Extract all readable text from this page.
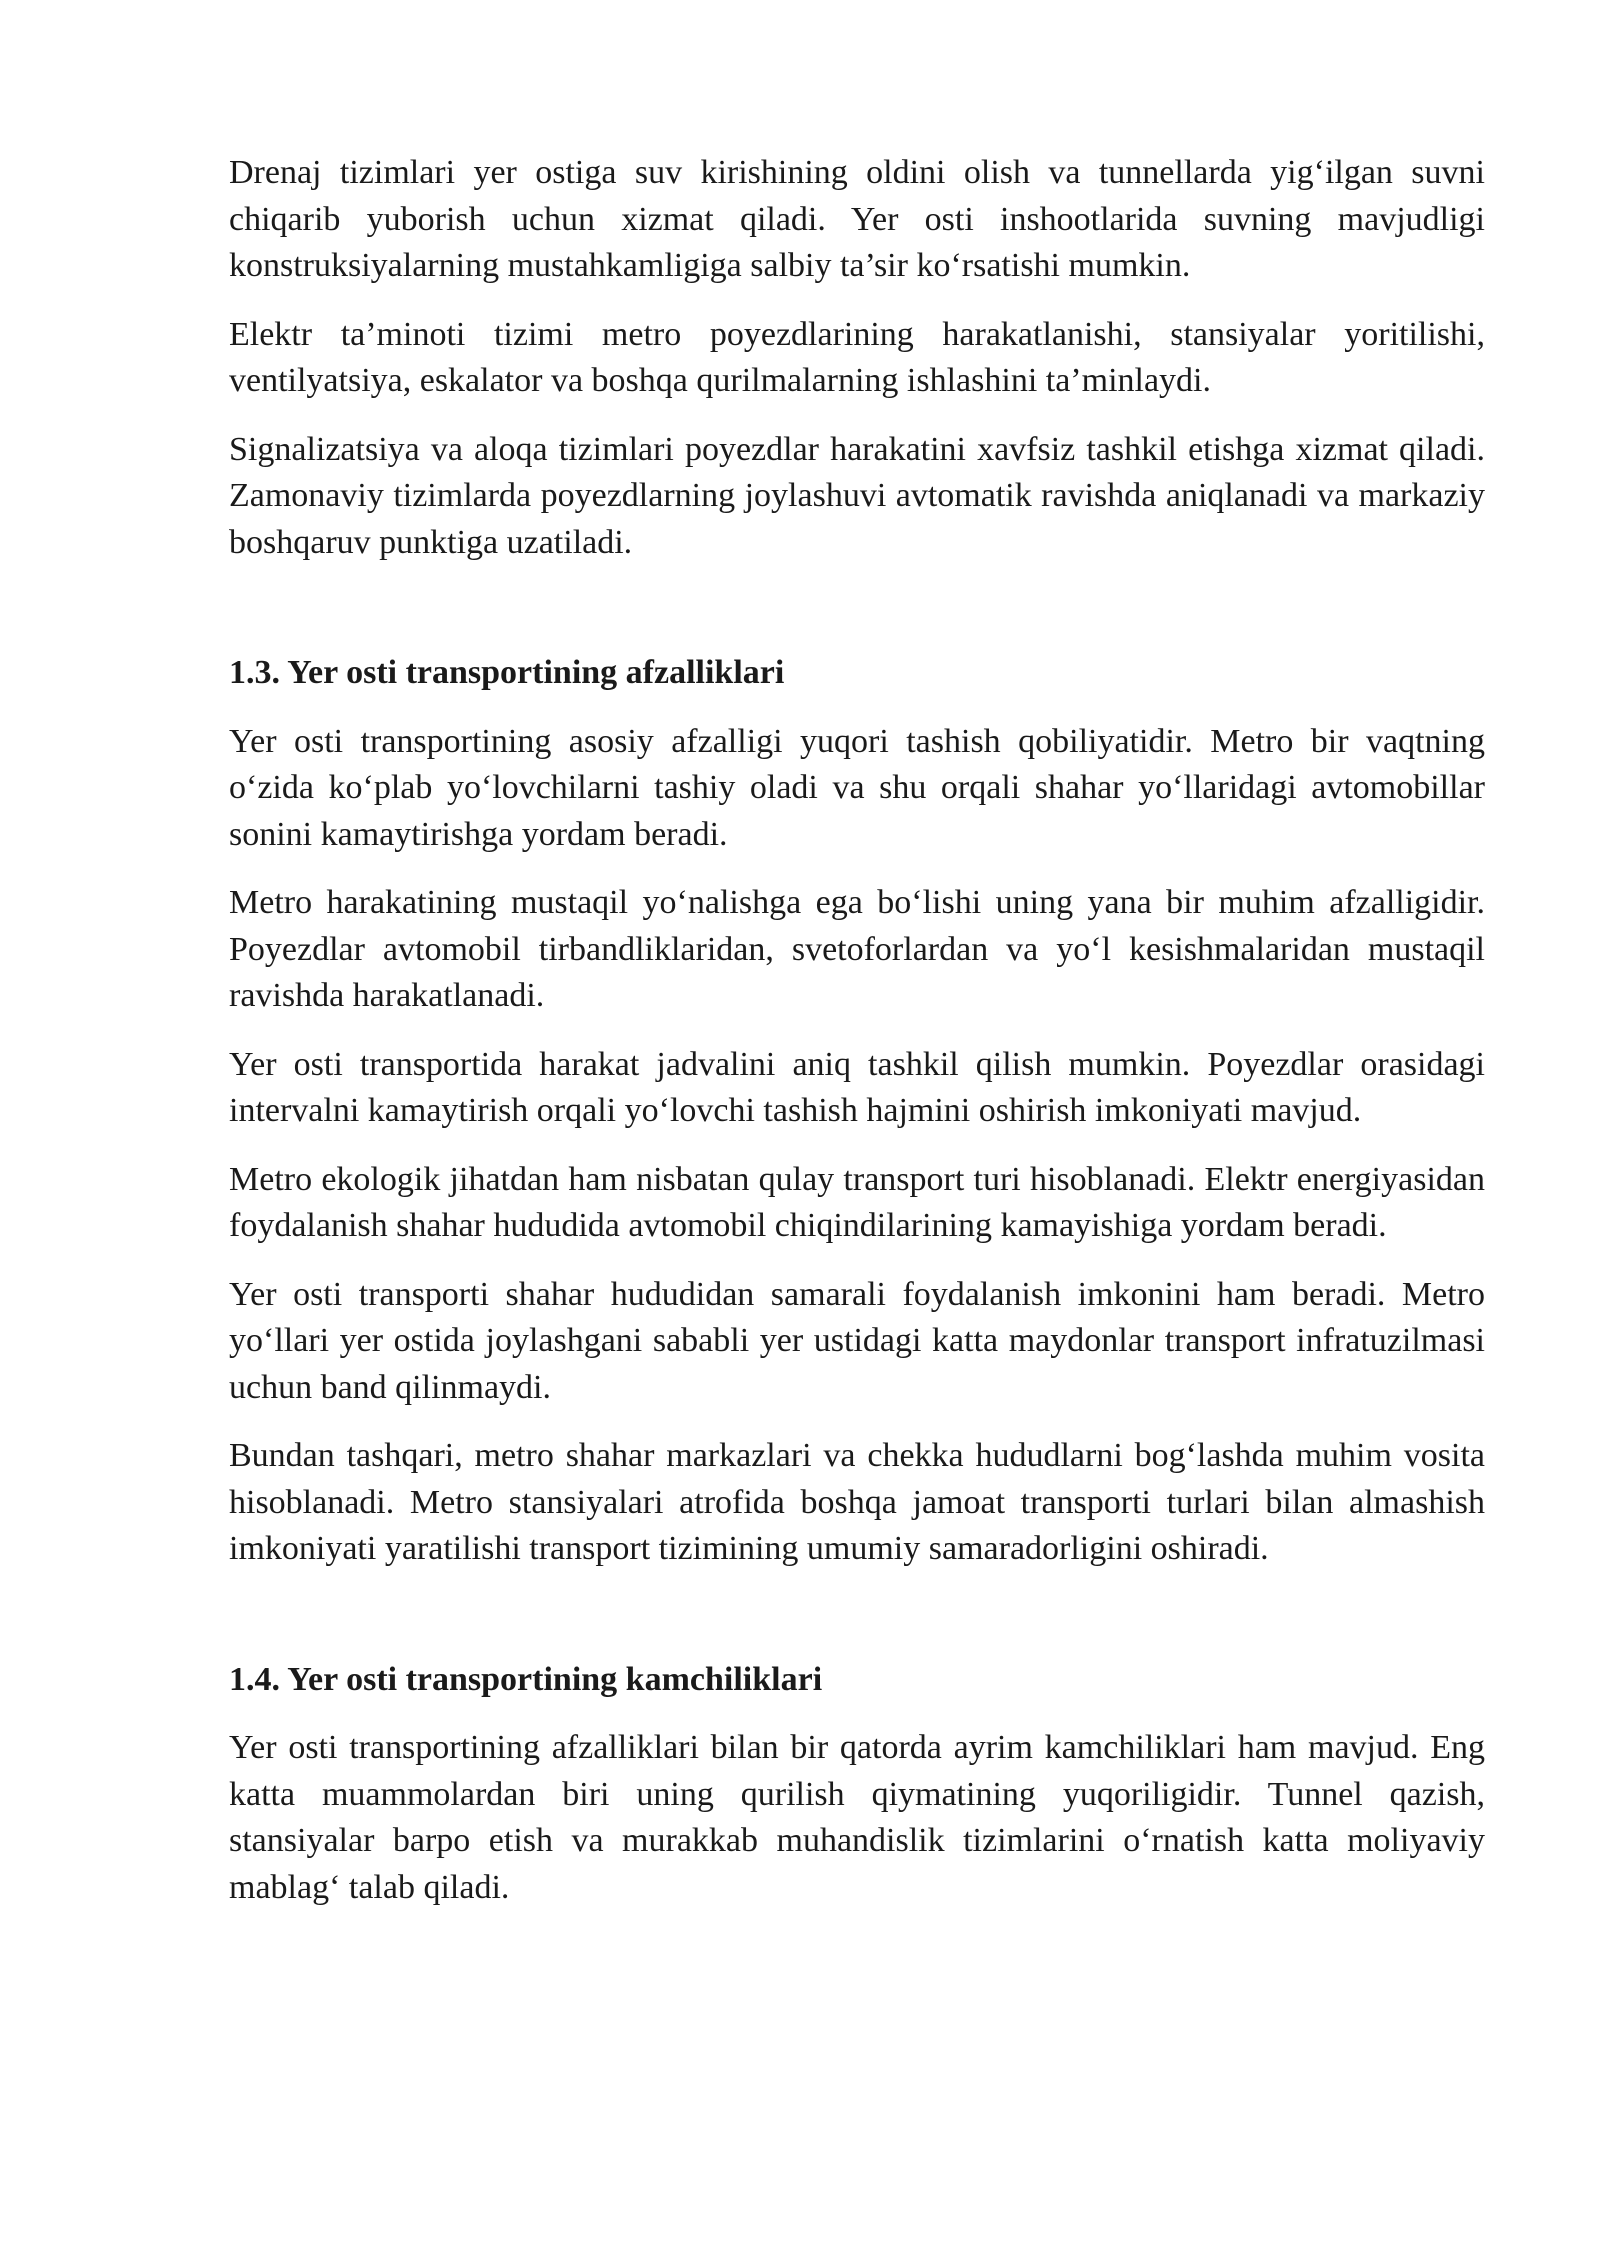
Drenaj tizimlari yer ostiga suv kirishining oldini olish va tunnellarda yig‘ilgan suvni chiqarib yuborish uchun xizmat qiladi. Yer osti inshootlarida suvning mavjudligi konstruksiyalarning mustahkamligiga salbiy ta’sir ko‘rsatishi mumkin.

Elektr ta’minoti tizimi metro poyezdlarining harakatlanishi, stansiyalar yoritilishi, ventilyatsiya, eskalator va boshqa qurilmalarning ishlashini ta’minlaydi.

Signalizatsiya va aloqa tizimlari poyezdlar harakatini xavfsiz tashkil etishga xizmat qiladi. Zamonaviy tizimlarda poyezdlarning joylashuvi avtomatik ravishda aniqlanadi va markaziy boshqaruv punktiga uzatiladi.

1.3. Yer osti transportining afzalliklari

Yer osti transportining asosiy afzalligi yuqori tashish qobiliyatidir. Metro bir vaqtning o‘zida ko‘plab yo‘lovchilarni tashiy oladi va shu orqali shahar yo‘llaridagi avtomobillar sonini kamaytirishga yordam beradi.

Metro harakatining mustaqil yo‘nalishga ega bo‘lishi uning yana bir muhim afzalligidir. Poyezdlar avtomobil tirbandliklaridan, svetoforlardan va yo‘l kesishmalaridan mustaqil ravishda harakatlanadi.

Yer osti transportida harakat jadvalini aniq tashkil qilish mumkin. Poyezdlar orasidagi intervalni kamaytirish orqali yo‘lovchi tashish hajmini oshirish imkoniyati mavjud.

Metro ekologik jihatdan ham nisbatan qulay transport turi hisoblanadi. Elektr energiyasidan foydalanish shahar hududida avtomobil chiqindilarining kamayishiga yordam beradi.

Yer osti transporti shahar hududidan samarali foydalanish imkonini ham beradi. Metro yo‘llari yer ostida joylashgani sababli yer ustidagi katta maydonlar transport infratuzilmasi uchun band qilinmaydi.

Bundan tashqari, metro shahar markazlari va chekka hududlarni bog‘lashda muhim vosita hisoblanadi. Metro stansiyalari atrofida boshqa jamoat transporti turlari bilan almashish imkoniyati yaratilishi transport tizimining umumiy samaradorligini oshiradi.

1.4. Yer osti transportining kamchiliklari

Yer osti transportining afzalliklari bilan bir qatorda ayrim kamchiliklari ham mavjud. Eng katta muammolardan biri uning qurilish qiymatining yuqoriligidir. Tunnel qazish, stansiyalar barpo etish va murakkab muhandislik tizimlarini o‘rnatish katta moliyaviy mablag‘ talab qiladi.
